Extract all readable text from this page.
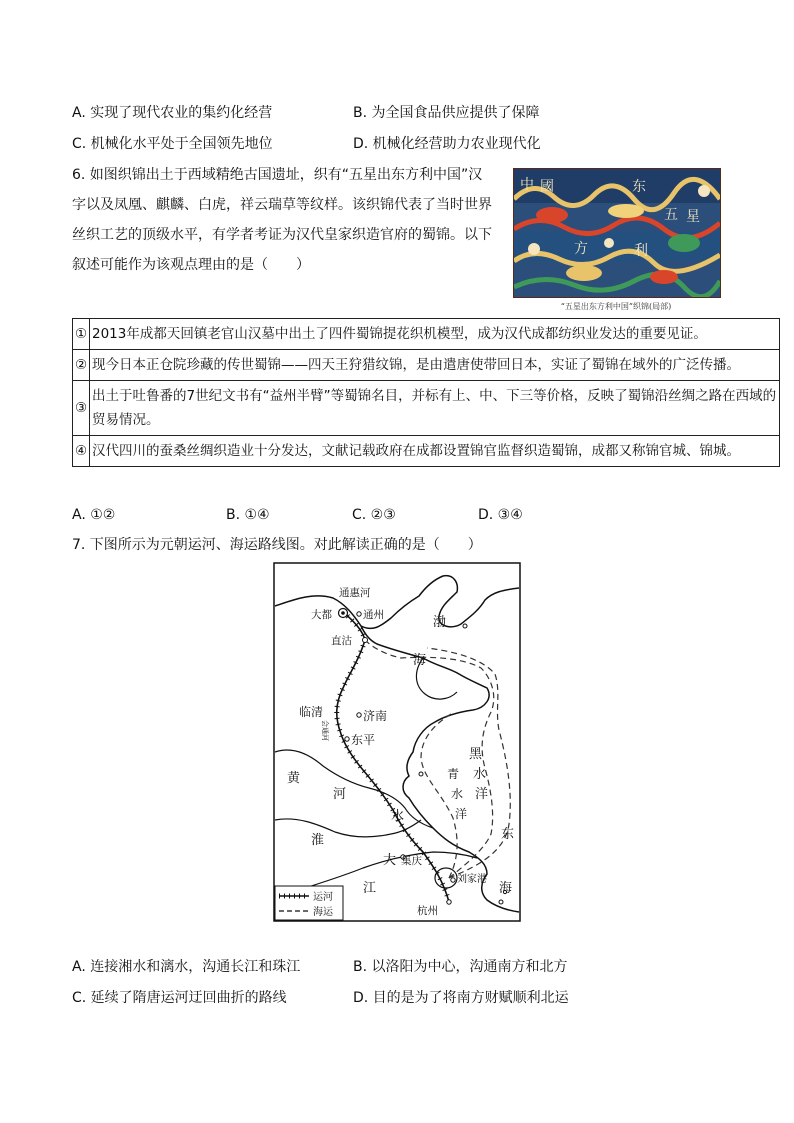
A. 实现了现代农业的集约化经营	B. 为全国食品供应提供了保障
C. 机械化水平处于全国领先地位	D. 机械化经营助力农业现代化
6. 如图织锦出土于西域精绝古国遗址，织有“五星出东方利中国”汉
字以及凤凰、麒麟、白虎，祥云瑞草等纹样。该织锦代表了当时世界
丝织工艺的顶级水平，有学者考证为汉代皇家织造官府的蜀锦。以下
叙述可能作为该观点理由的是（　　）
中 國
五 星
东
方	利
“五星出东方利中国”织锦(局部)
①	2013年成都天回镇老官山汉墓中出土了四件蜀锦提花织机模型，成为汉代成都纺织业发达的重要见证。
②	现今日本正仓院珍藏的传世蜀锦——四天王狩猎纹锦，是由遣唐使带回日本，实证了蜀锦在域外的广泛传播。
③	出土于吐鲁番的7世纪文书有“益州半臂”等蜀锦名目，并标有上、中、下三等价格，反映了蜀锦沿丝绸之路在西域的贸易情况。
④	汉代四川的蚕桑丝绸织造业十分发达，文献记载政府在成都设置锦官监督织造蜀锦，成都又称锦官城、锦城。
A. ①②	B. ①④	C. ②③	D. ③④
7. 下图所示为元朝运河、海运路线图。对此解读正确的是（　　）
通惠河
大都	通州
直沽
渤
海
临清
会通河
济南
东平
黄
河
青
水
洋
黑
水
洋
淮
水
东
大 集庆
刘家港
江	海
杭州
运河
海运
A. 连接湘水和漓水，沟通长江和珠江	B. 以洛阳为中心，沟通南方和北方
C. 延续了隋唐运河迂回曲折的路线	D. 目的是为了将南方财赋顺利北运
